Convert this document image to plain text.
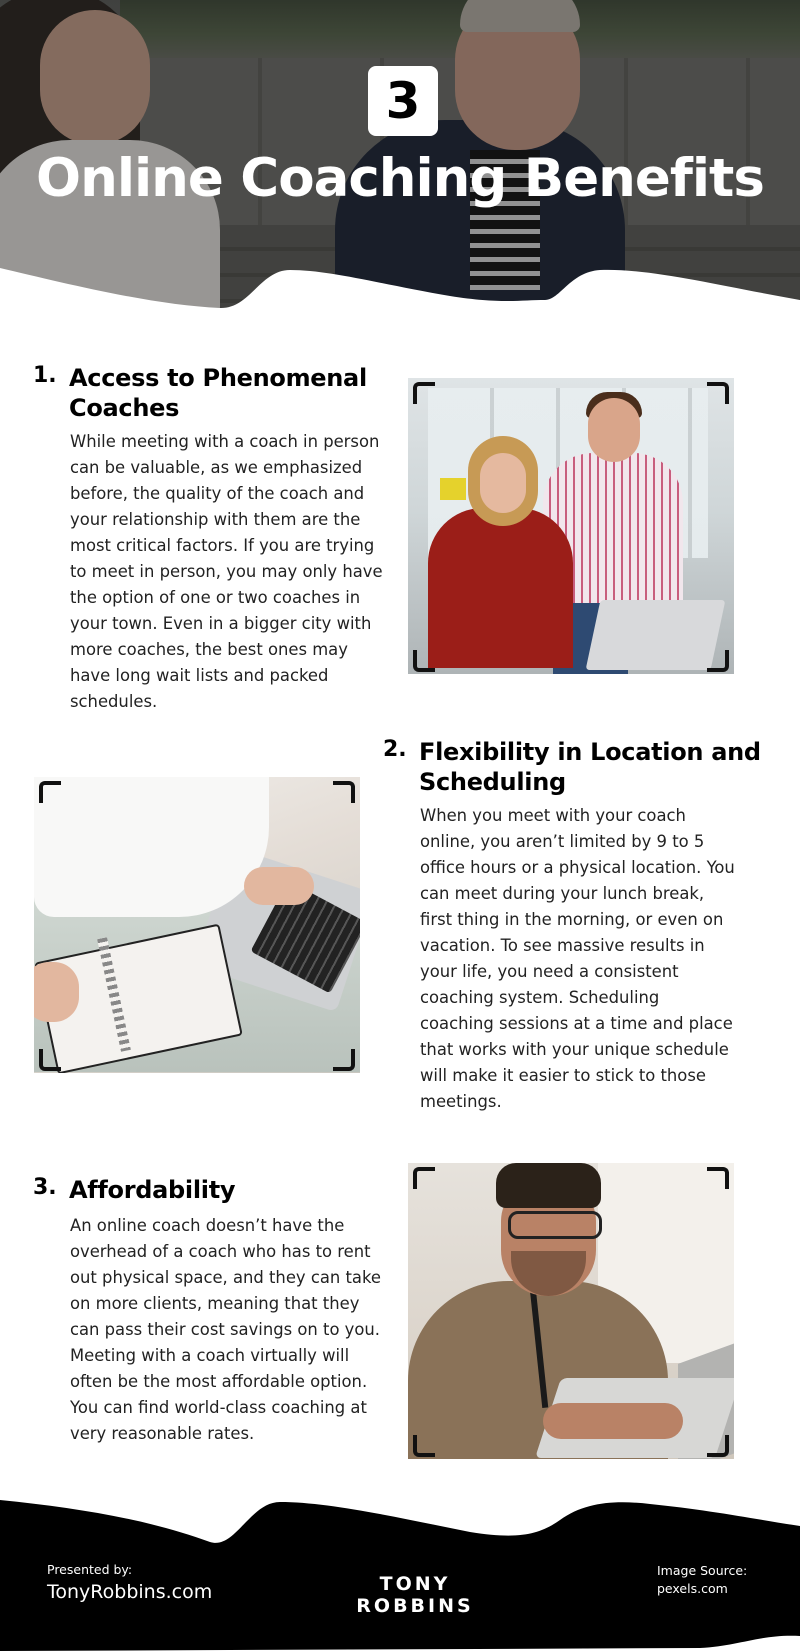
3
Online Coaching Benefits
1. Access to Phenomenal
Coaches

While meeting with a coach in person can be valuable, as we emphasized before, the quality of the coach and your relationship with them are the most critical factors. If you are trying to meet in person, you may only have the option of one or two coaches in your town. Even in a bigger city with more coaches, the best ones may have long wait lists and packed schedules.

2. Flexibility in Location and
Scheduling

When you meet with your coach online, you aren’t limited by 9 to 5 office hours or a physical location. You can meet during your lunch break, first thing in the morning, or even on vacation. To see massive results in your life, you need a consistent coaching system. Scheduling coaching sessions at a time and place that works with your unique schedule will make it easier to stick to those meetings.

3. Affordability

An online coach doesn’t have the overhead of a coach who has to rent out physical space, and they can take on more clients, meaning that they can pass their cost savings on to you. Meeting with a coach virtually will often be the most affordable option. You can find world-class coaching at very reasonable rates.

Presented by:
TonyRobbins.com	TONY ROBBINS
Image Source:
pexels.com
